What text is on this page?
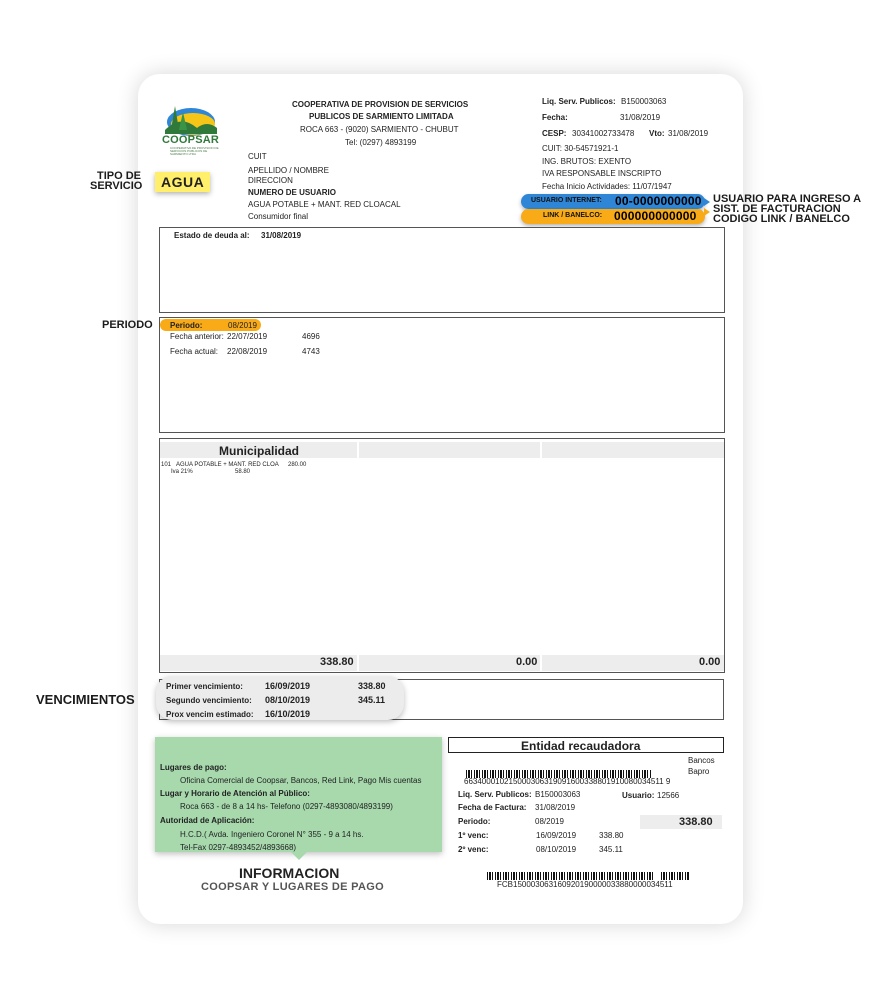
COOPSAR
COOPERATIVA DE PROVISION DE SERVICIOS PUBLICOS DE SARMIENTO LTDA
COOPERATIVA DE PROVISION DE SERVICIOS
PUBLICOS DE SARMIENTO LIMITADA
ROCA 663 - (9020) SARMIENTO - CHUBUT
Tel: (0297) 4893199
CUIT
APELLIDO / NOMBRE
DIRECCION
NUMERO DE USUARIO
AGUA POTABLE + MANT. RED CLOACAL
Consumidor final
Liq. Serv. Publicos: B150003063
Fecha:	31/08/2019
CESP: 30341002733478 Vto: 31/08/2019
CUIT: 30-54571921-1
ING. BRUTOS: EXENTO
IVA RESPONSABLE INSCRIPTO
Fecha Inicio Actividades: 11/07/1947
USUARIO INTERNET: 00-0000000000
LINK / BANELCO: 000000000000
USUARIO PARA INGRESO A
SIST. DE FACTURACION
CODIGO LINK / BANELCO
TIPO DE
SERVICIO	AGUA
Estado de deuda al: 31/08/2019
PERIODO Periodo:	08/2019
Fecha anterior: 22/07/2019	4696
Fecha actual: 22/08/2019	4743
Municipalidad
101 AGUA POTABLE + MANT. RED CLOA 280.00
Iva 21%	58.80
338.80	0.00	0.00
VENCIMIENTOS
Primer vencimiento: 16/09/2019	338.80
Segundo vencimiento: 08/10/2019	345.11
Prox vencim estimado: 16/10/2019
Lugares de pago:
Oficina Comercial de Coopsar, Bancos, Red Link, Pago Mis cuentas
Lugar y Horario de Atención al Público:
Roca 663 - de 8 a 14 hs- Telefono (0297-4893080/4893199)
Autoridad de Aplicación:
H.C.D.( Avda. Ingeniero Coronel N° 355 - 9 a 14 hs.
Tel-Fax 0297-4893452/4893668)
INFORMACION
COOPSAR Y LUGARES DE PAGO
Entidad recaudadora
Bancos
Bapro
663400010215000306319091600338801910080034511 9
Liq. Serv. Publicos: B150003063	Usuario: 12566
Fecha de Factura: 31/08/2019
Periodo:	08/2019	338.80
1º venc:	16/09/2019	338.80
2º venc:	08/10/2019	345.11
FCB150003063160920190000033880000034511
